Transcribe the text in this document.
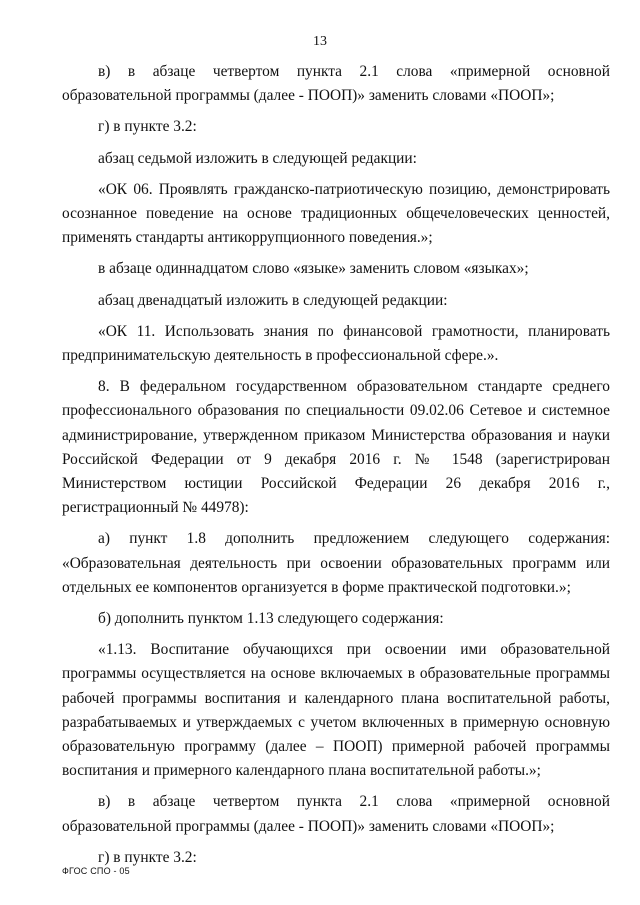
13

в) в абзаце четвертом пункта 2.1 слова «примерной основной образовательной программы (далее - ПООП)» заменить словами «ПООП»;

г) в пункте 3.2:

абзац седьмой изложить в следующей редакции:

«ОК 06. Проявлять гражданско-патриотическую позицию, демонстрировать осознанное поведение на основе традиционных общечеловеческих ценностей, применять стандарты антикоррупционного поведения.»;

в абзаце одиннадцатом слово «языке» заменить словом «языках»;

абзац двенадцатый изложить в следующей редакции:

«ОК 11. Использовать знания по финансовой грамотности, планировать предпринимательскую деятельность в профессиональной сфере.».

8. В федеральном государственном образовательном стандарте среднего профессионального образования по специальности 09.02.06 Сетевое и системное администрирование, утвержденном приказом Министерства образования и науки Российской Федерации от 9 декабря 2016 г. № 1548 (зарегистрирован Министерством юстиции Российской Федерации 26 декабря 2016 г., регистрационный № 44978):

а) пункт 1.8 дополнить предложением следующего содержания: «Образовательная деятельность при освоении образовательных программ или отдельных ее компонентов организуется в форме практической подготовки.»;

б) дополнить пунктом 1.13 следующего содержания:

«1.13. Воспитание обучающихся при освоении ими образовательной программы осуществляется на основе включаемых в образовательные программы рабочей программы воспитания и календарного плана воспитательной работы, разрабатываемых и утверждаемых с учетом включенных в примерную основную образовательную программу (далее – ПООП) примерной рабочей программы воспитания и примерного календарного плана воспитательной работы.»;

в) в абзаце четвертом пункта 2.1 слова «примерной основной образовательной программы (далее - ПООП)» заменить словами «ПООП»;

г) в пункте 3.2:

ФГОС СПО - 05
